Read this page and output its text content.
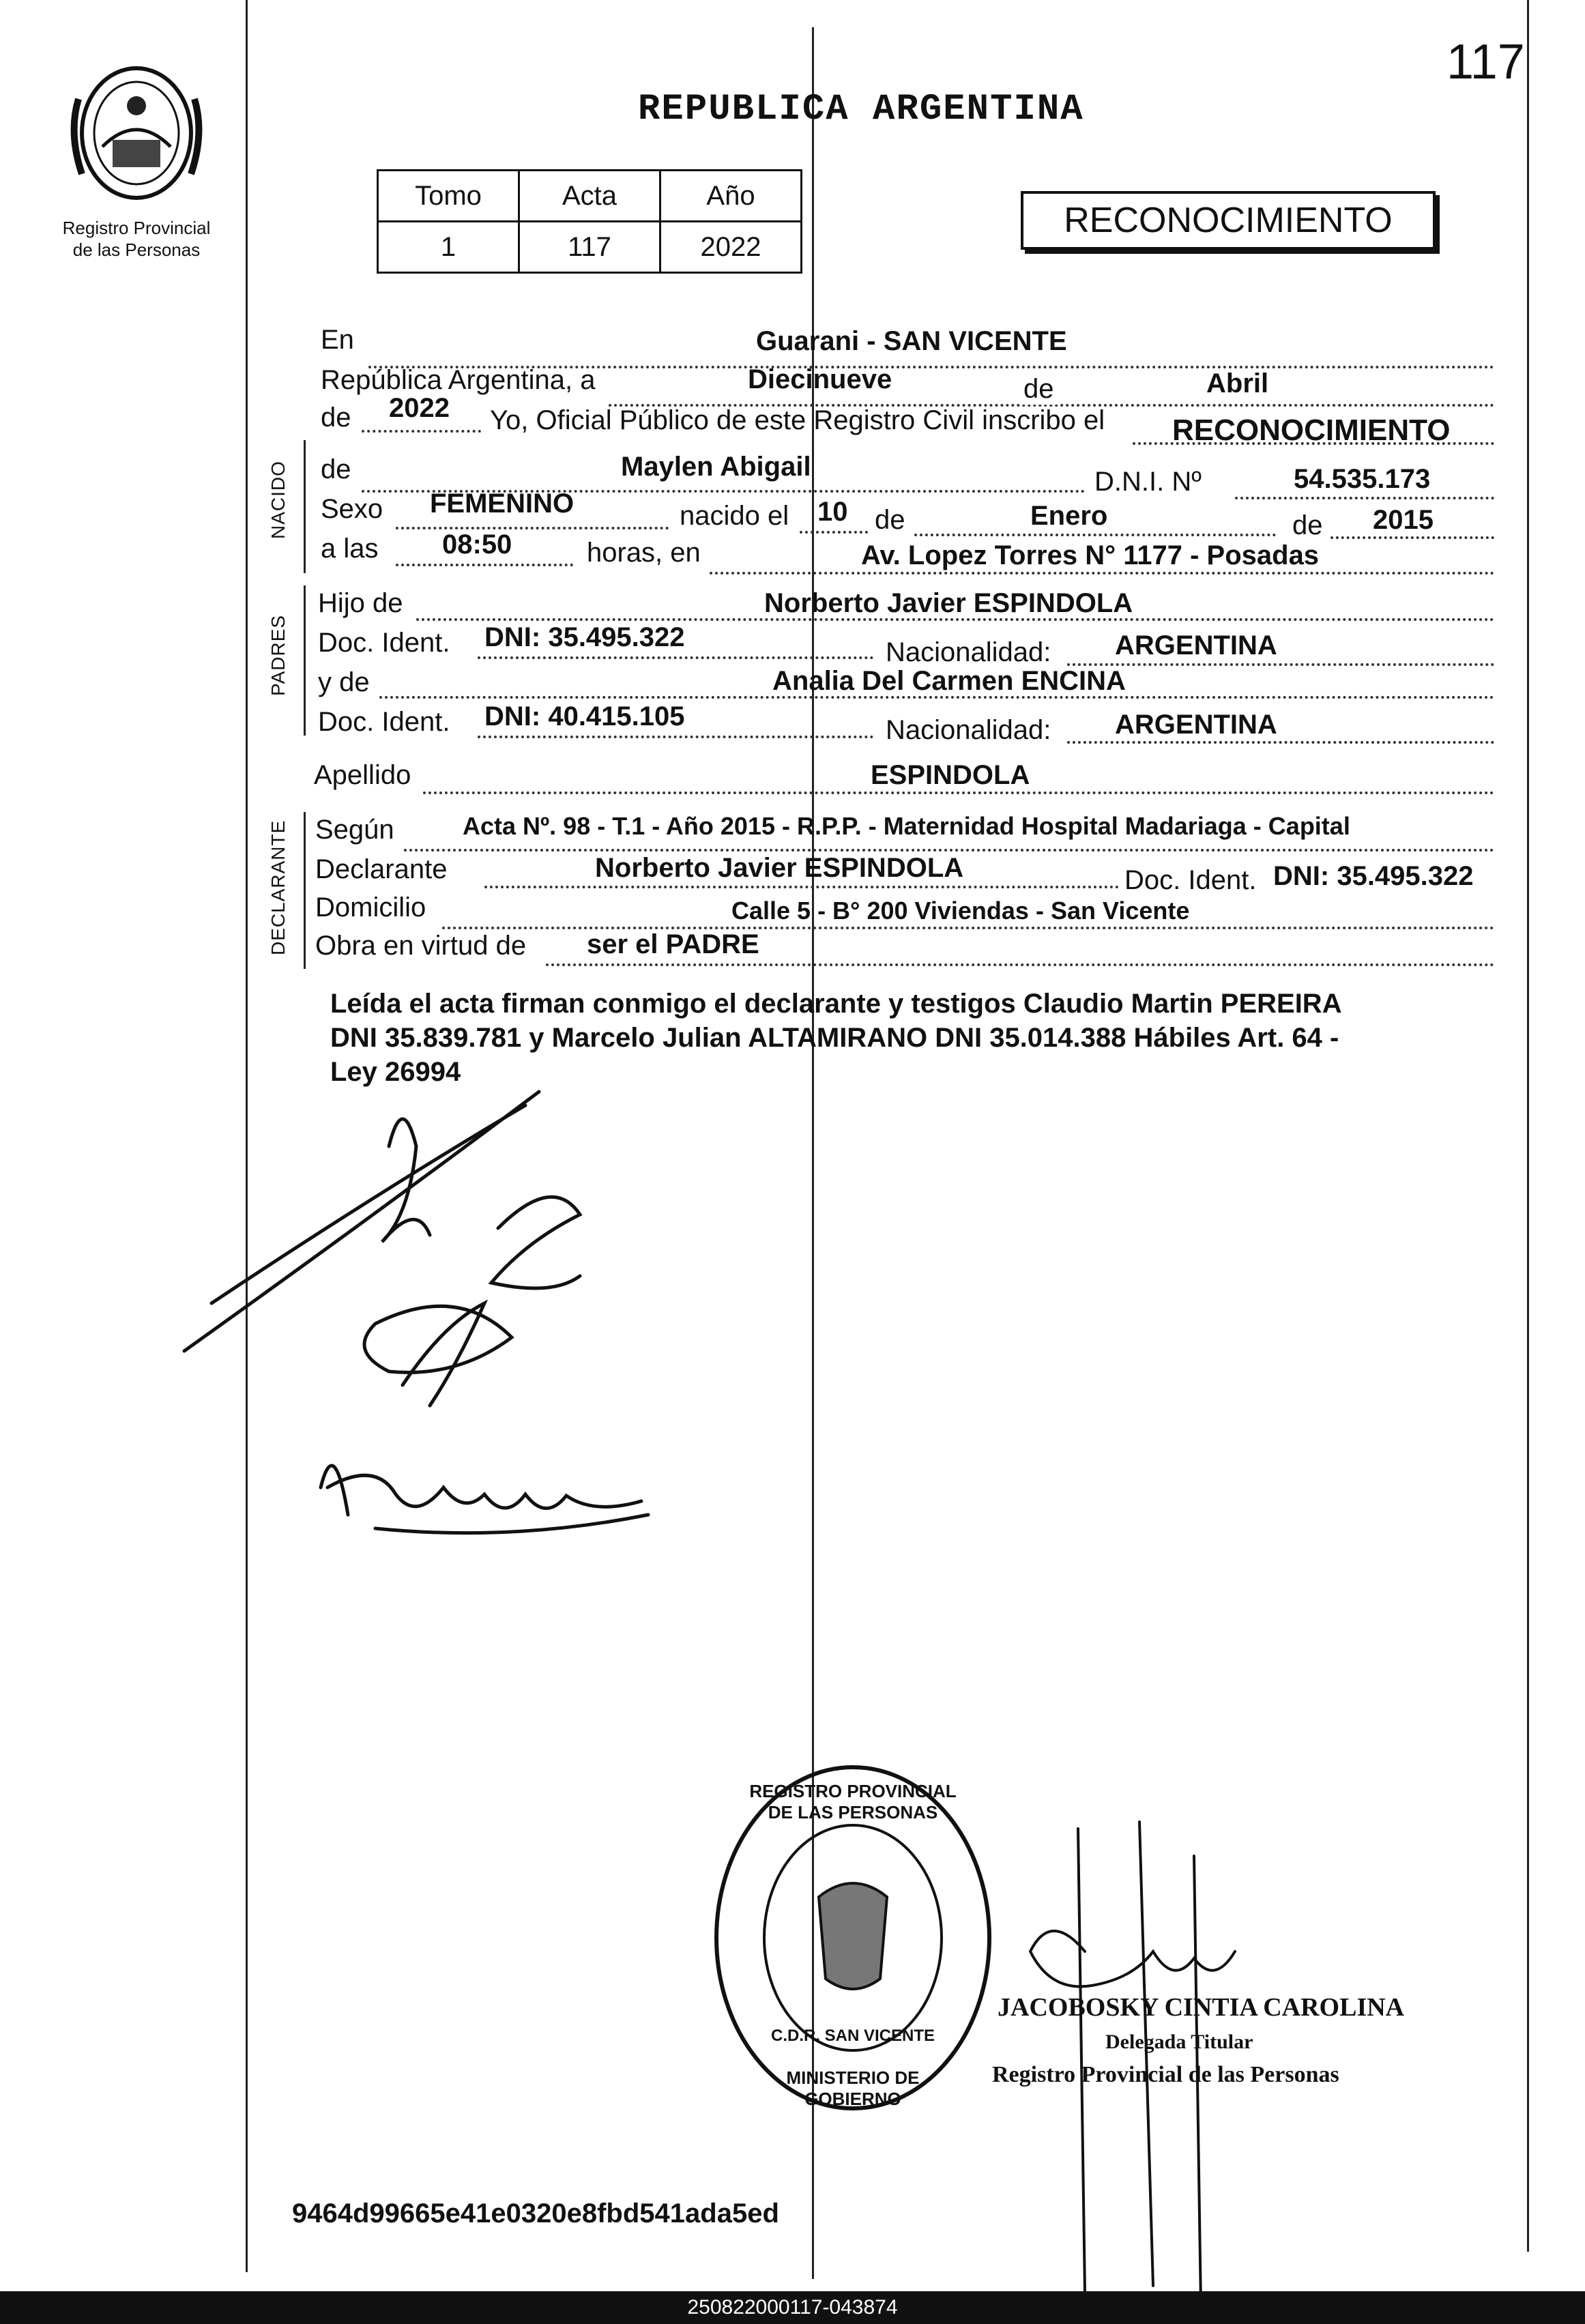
Registro Provincial
de las Personas
REPUBLICA ARGENTINA
117
Tomo	Acta	Año
1	117	2022
RECONOCIMIENTO
NACIDO
PADRES
DECLARANTE
En	Guarani - SAN VICENTE
República Argentina, a	Diecinueve	de	Abril
de 2022 Yo, Oficial Público de este Registro Civil inscribo el RECONOCIMIENTO
de	Maylen Abigail	D.N.I. Nº	54.535.173
Sexo FEMENINO	nacido el 10 de	Enero	de 2015
a las 08:50	horas, en	Av. Lopez Torres N° 1177 - Posadas
Hijo de	Norberto Javier ESPINDOLA
Doc. Ident. DNI: 35.495.322	Nacionalidad: ARGENTINA
y de	Analia Del Carmen ENCINA
Doc. Ident. DNI: 40.415.105	Nacionalidad: ARGENTINA
Apellido	ESPINDOLA
Según	Acta Nº. 98 - T.1 - Año 2015 - R.P.P. - Maternidad Hospital Madariaga - Capital
Declarante	Norberto Javier ESPINDOLA	Doc. Ident. DNI: 35.495.322
Domicilio	Calle 5 - B° 200 Viviendas - San Vicente
Obra en virtud de ser el PADRE
Leída el acta firman conmigo el declarante y testigos Claudio Martin PEREIRA
DNI 35.839.781 y Marcelo Julian ALTAMIRANO DNI 35.014.388 Hábiles Art. 64 -
Ley 26994
REGISTRO PROVINCIAL DE LAS PERSONAS
C.D.R. SAN VICENTE
MINISTERIO DE GOBIERNO
JACOBOSKY CINTIA CAROLINA
Delegada Titular
Registro Provincial de las Personas
9464d99665e41e0320e8fbd541ada5ed
250822000117-043874
